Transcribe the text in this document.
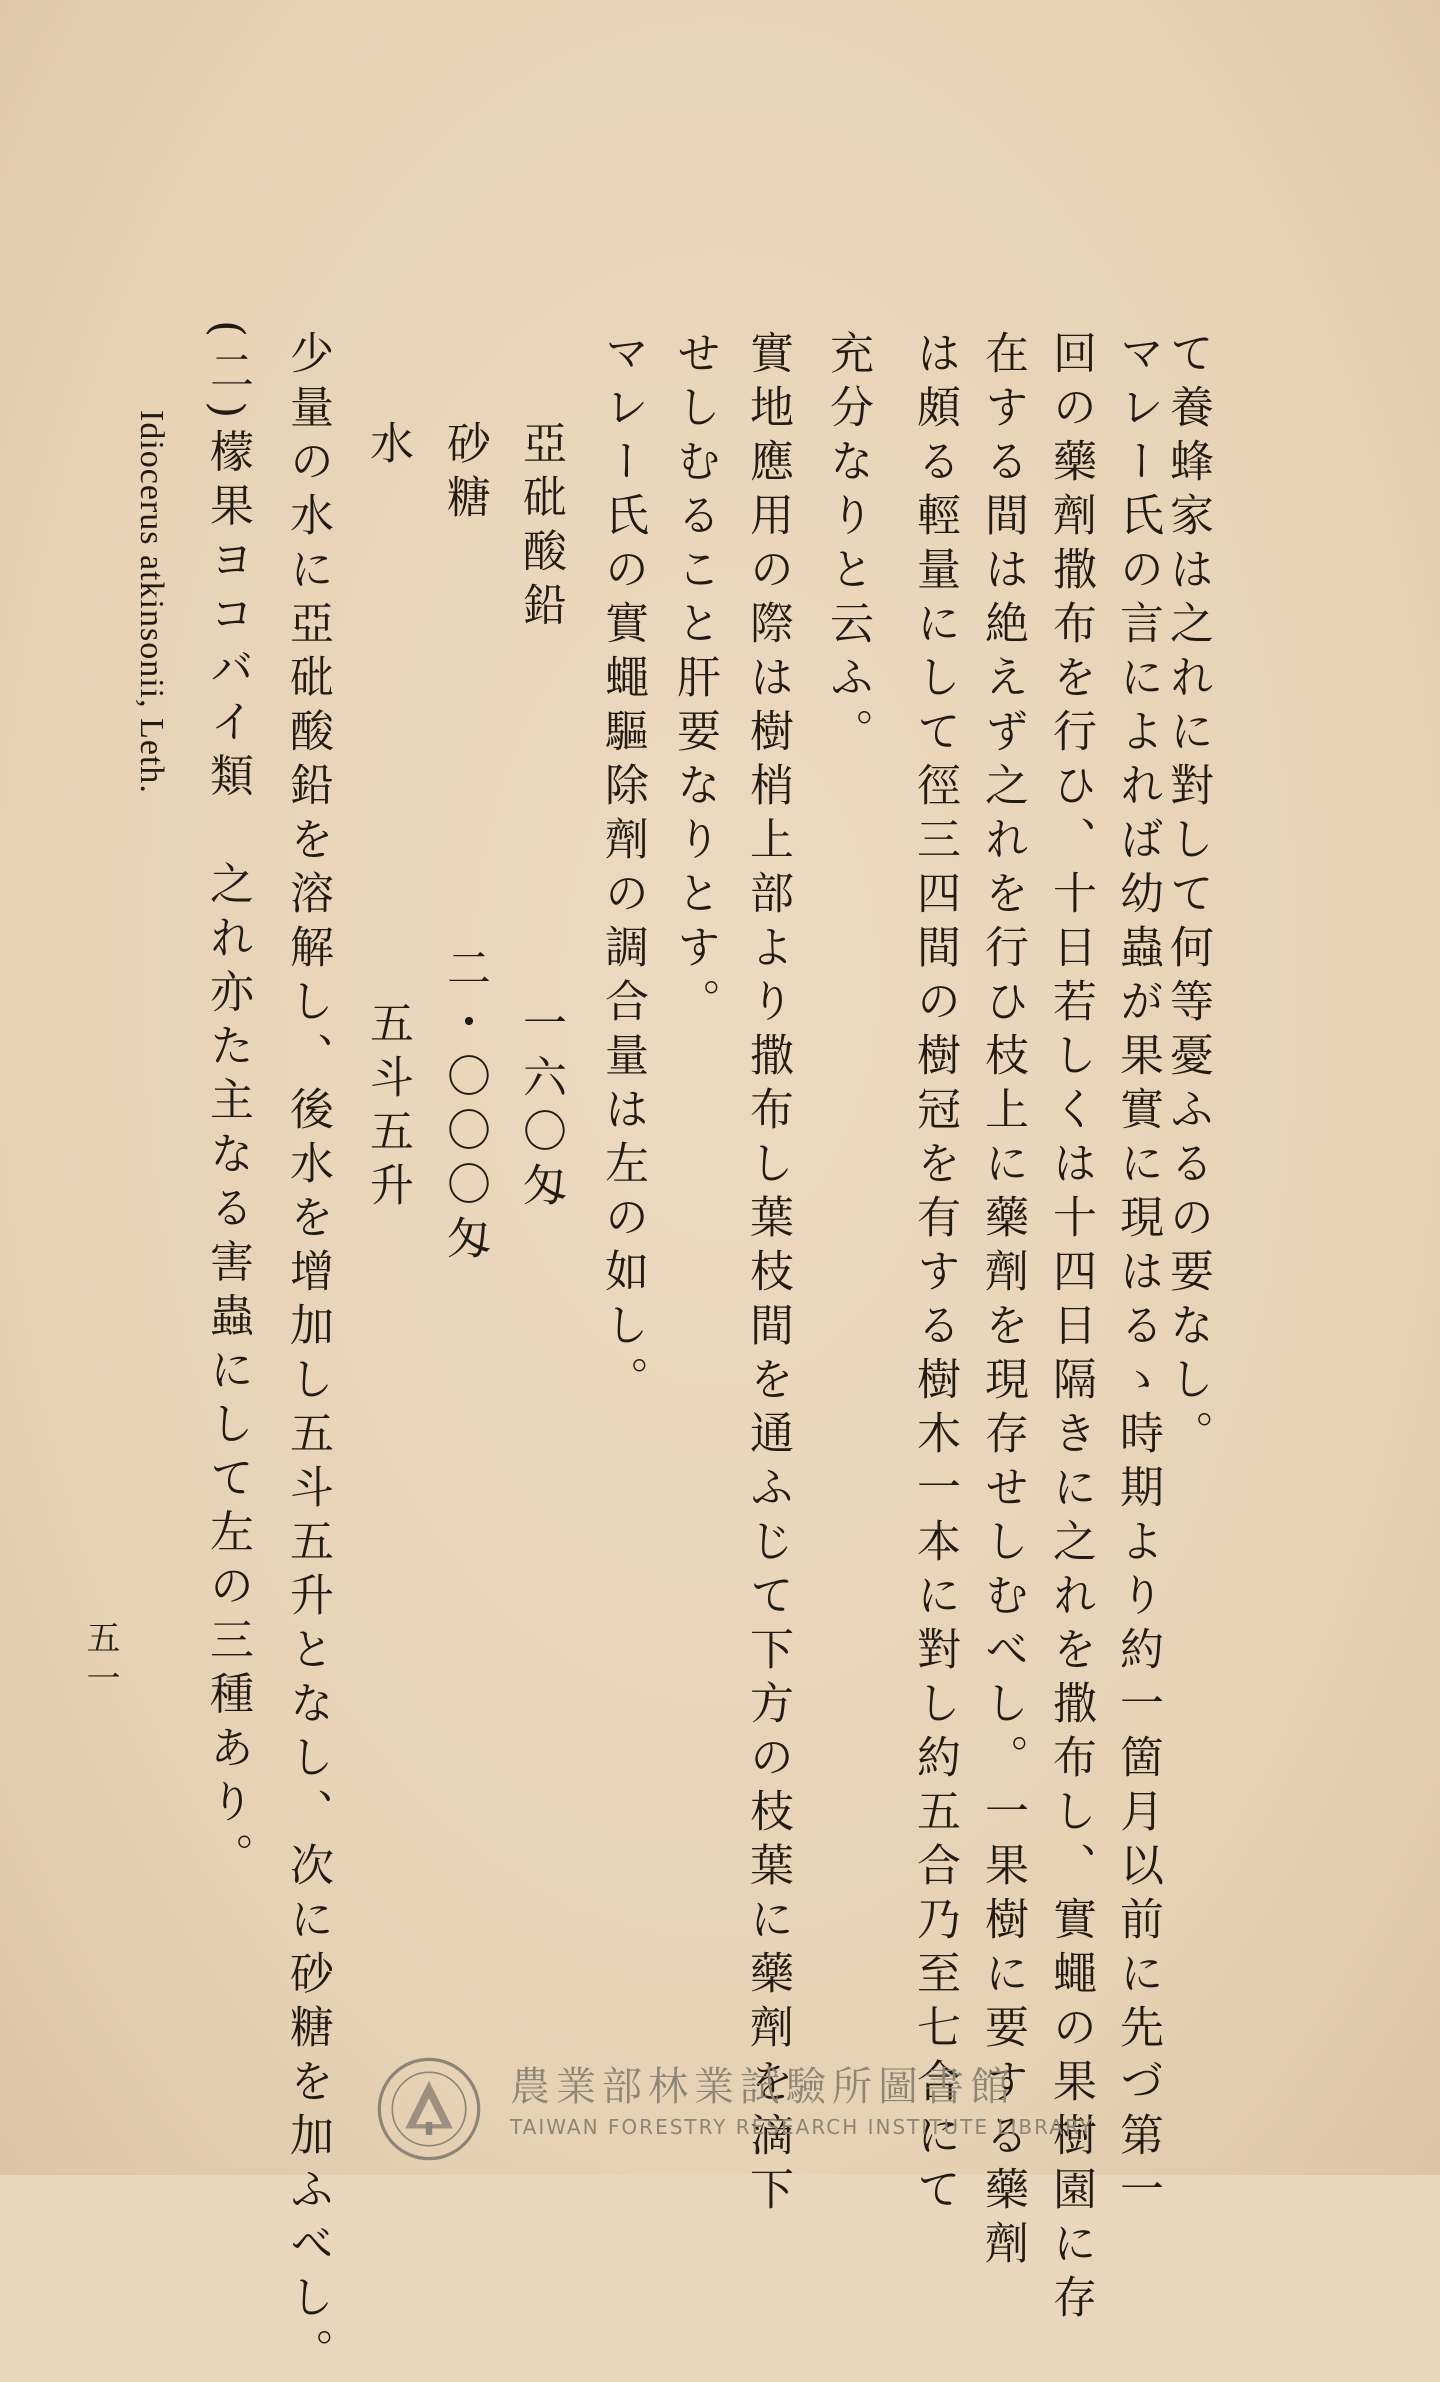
て養蜂家は之れに對して何等憂ふるの要なし。
マレー氏の言によれば幼蟲が果實に現はるゝ時期より約一箇月以前に先づ第一
回の藥劑撒布を行ひ、十日若しくは十四日隔きに之れを撒布し、實蠅の果樹園に存
在する間は絶えず之れを行ひ枝上に藥劑を現存せしむべし。一果樹に要する藥劑
は頗る輕量にして徑三四間の樹冠を有する樹木一本に對し約五合乃至七合にて
充分なりと云ふ。
實地應用の際は樹梢上部より撒布し葉枝間を通ふじて下方の枝葉に藥劑を滴下
せしむること肝要なりとす。
マレー氏の實蠅驅除劑の調合量は左の如し。
亞砒酸鉛
一六〇匁
砂糖
二・〇〇〇匁
水
五斗五升
少量の水に亞砒酸鉛を溶解し、後水を增加し五斗五升となし、次に砂糖を加ふべし。
(二)檬果ヨコバイ類　之れ亦た主なる害蟲にして左の三種あり。
Idiocerus atkinsonii, Leth.
五一
農業部林業試驗所圖書館
TAIWAN FORESTRY RESEARCH INSTITUTE LIBRARY
